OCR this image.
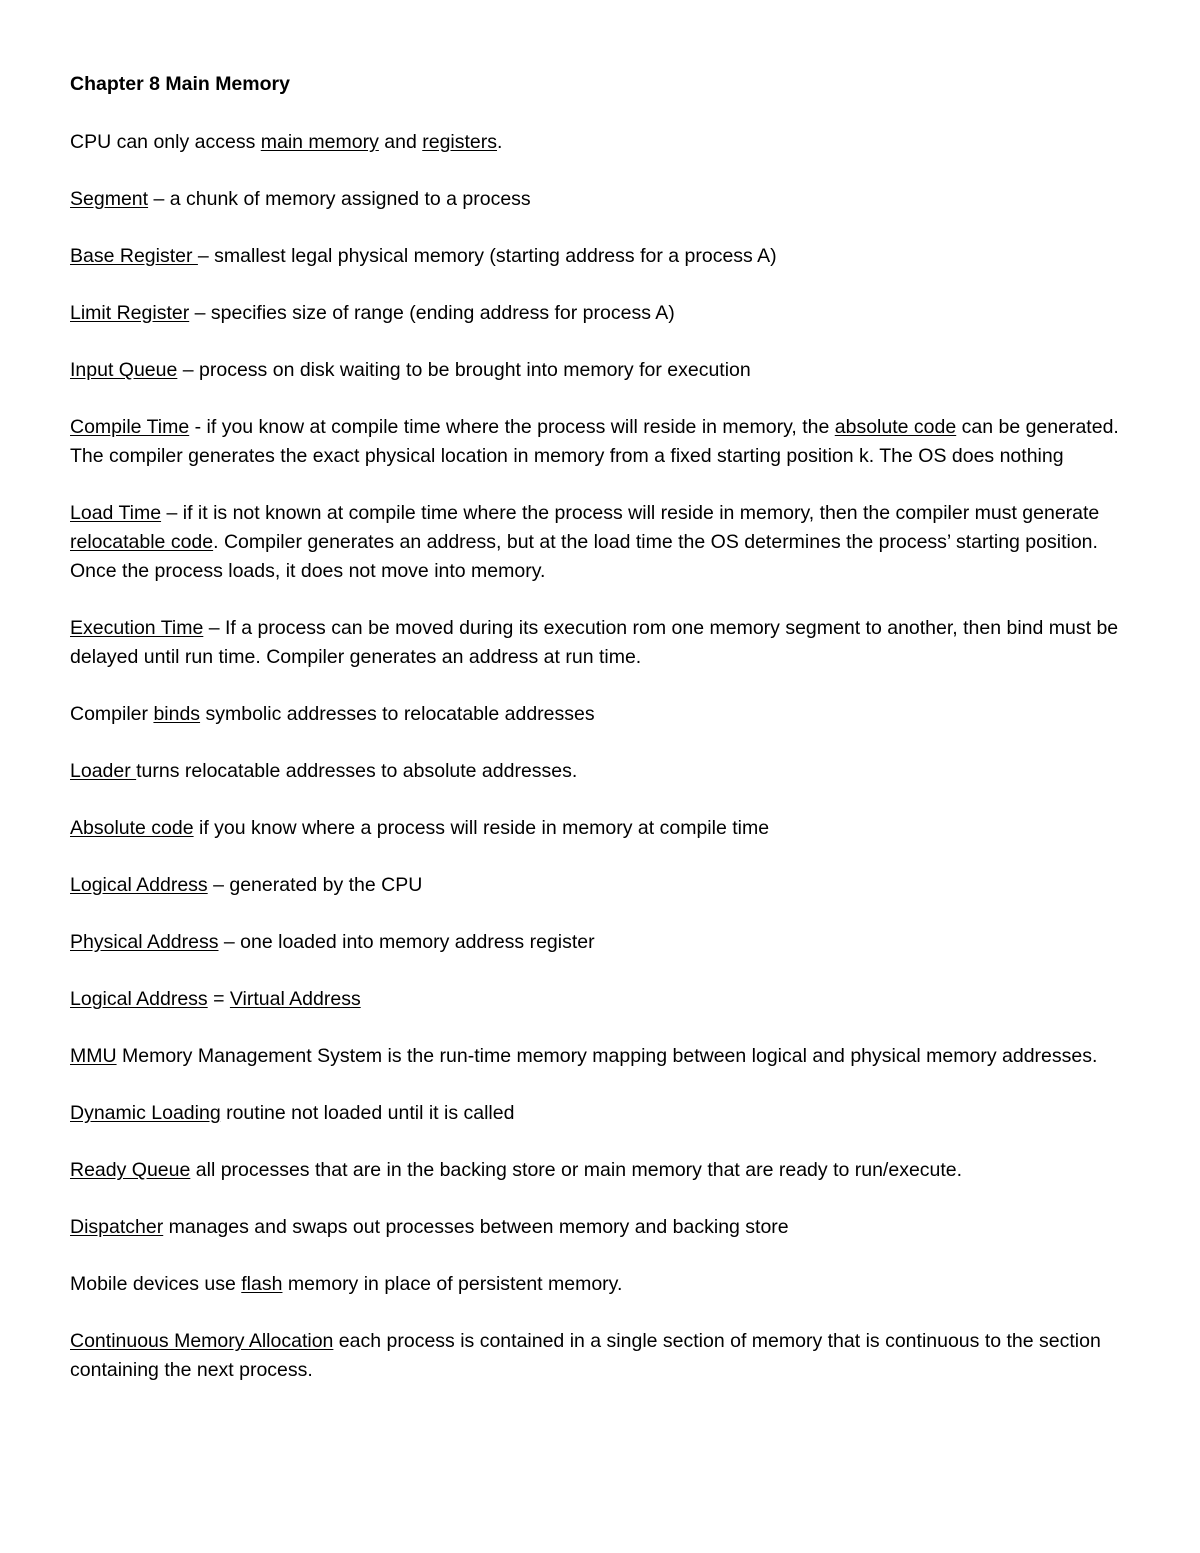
Chapter 8 Main Memory
CPU can only access main memory and registers.
Segment – a chunk of memory assigned to a process
Base Register – smallest legal physical memory (starting address for a process A)
Limit Register – specifies size of range (ending address for process A)
Input Queue – process on disk waiting to be brought into memory for execution
Compile Time - if you know at compile time where the process will reside in memory, the absolute code can be generated. The compiler generates the exact physical location in memory from a fixed starting position k. The OS does nothing
Load Time – if it is not known at compile time where the process will reside in memory, then the compiler must generate relocatable code. Compiler generates an address, but at the load time the OS determines the process’ starting position. Once the process loads, it does not move into memory.
Execution Time – If a process can be moved during its execution rom one memory segment to another, then bind must be delayed until run time. Compiler generates an address at run time.
Compiler binds symbolic addresses to relocatable addresses
Loader turns relocatable addresses to absolute addresses.
Absolute code if you know where a process will reside in memory at compile time
Logical Address – generated by the CPU
Physical Address – one loaded into memory address register
Logical Address = Virtual Address
MMU Memory Management System is the run-time memory mapping between logical and physical memory addresses.
Dynamic Loading routine not loaded until it is called
Ready Queue all processes that are in the backing store or main memory that are ready to run/execute.
Dispatcher manages and swaps out processes between memory and backing store
Mobile devices use flash memory in place of persistent memory.
Continuous Memory Allocation each process is contained in a single section of memory that is continuous to the section containing the next process.
